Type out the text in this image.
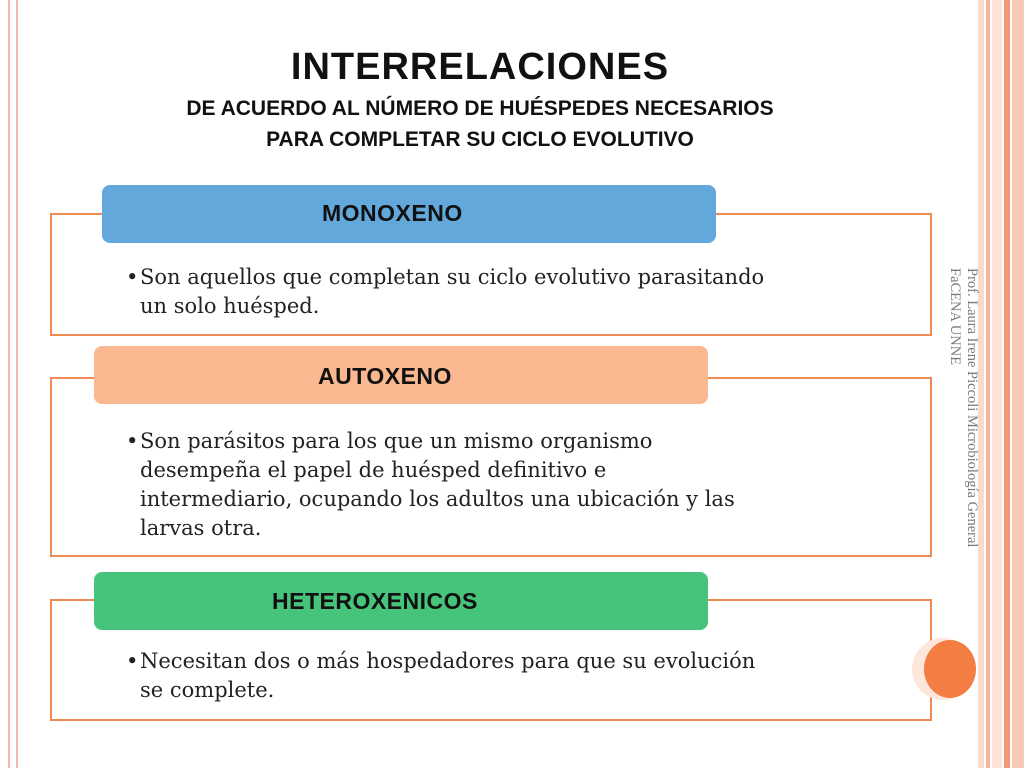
INTERRELACIONES
DE ACUERDO AL NÚMERO DE HUÉSPEDES NECESARIOS
PARA COMPLETAR SU CICLO EVOLUTIVO
• Son aquellos que completan su ciclo evolutivo parasitando
un solo huésped.
MONOXENO
• Son parásitos para los que un mismo organismo
desempeña el papel de huésped definitivo e
intermediario, ocupando los adultos una ubicación y las
larvas otra.
AUTOXENO
• Necesitan dos o más hospedadores para que su evolución
se complete.
HETEROXENICOS
Prof. Laura Irene Piccoli Microbiología General
FaCENA UNNE
